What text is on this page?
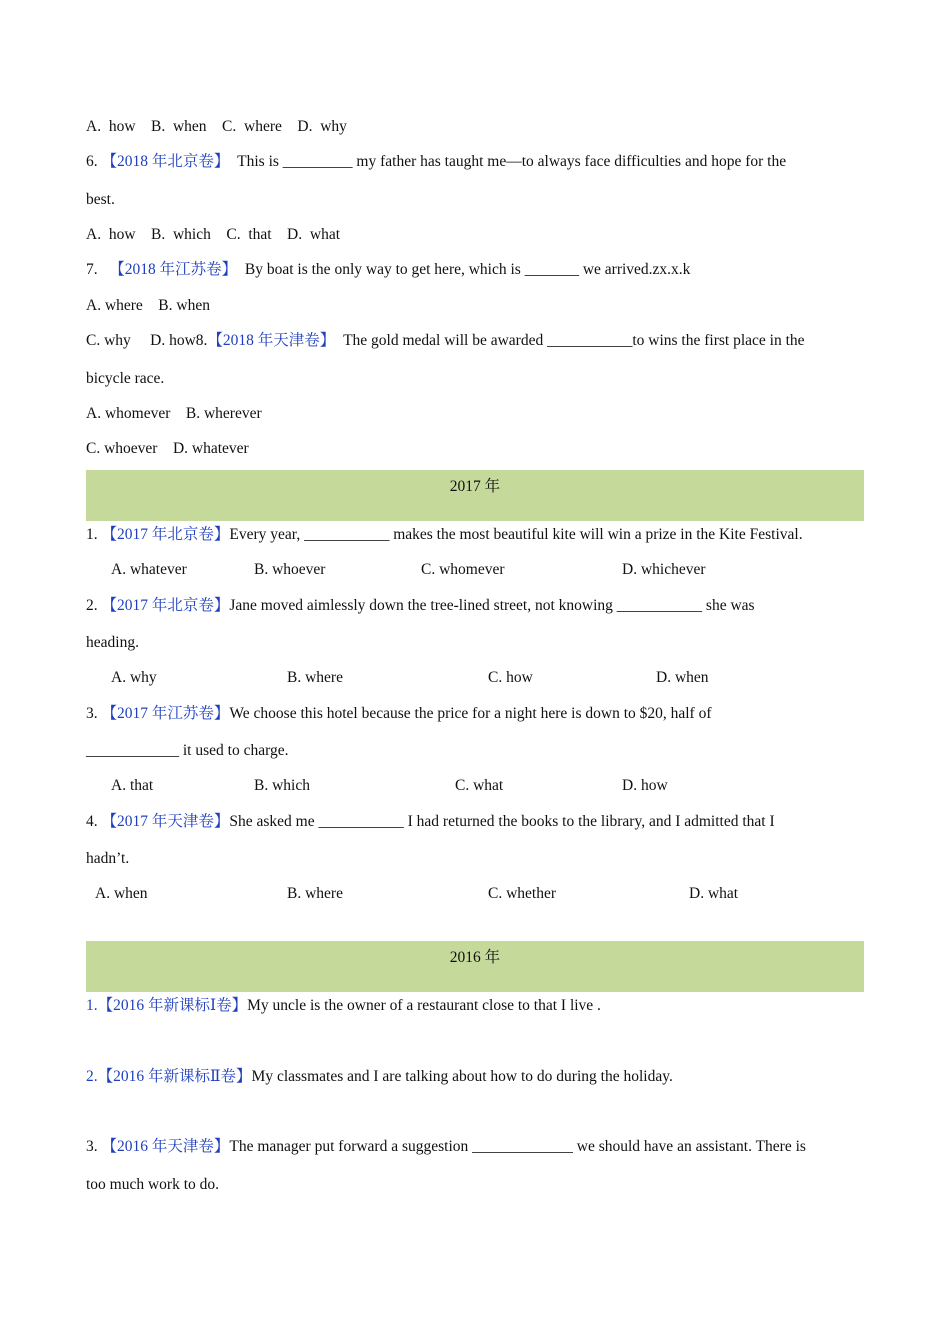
A.  how    B.  when    C.  where    D.  why
6. 【2018 年北京卷】  This is _________ my father has taught me—to always face difficulties and hope for the
best.
A.  how    B.  which    C.  that    D.  what
7.   【2018 年江苏卷】  By boat is the only way to get here, which is _______ we arrived.zx.x.k
A. where    B. when
C. why     D. how8.【2018 年天津卷】  The gold medal will be awarded ___________to wins the first place in the
bicycle race.
A. whomever    B. wherever
C. whoever    D. whatever
2017 年
1. 【2017 年北京卷】Every year, ___________ makes the most beautiful kite will win a prize in the Kite Festival.
A. whatever	B. whoever	C. whomever	D. whichever
2. 【2017 年北京卷】Jane moved aimlessly down the tree-lined street, not knowing ___________ she was
heading.
A. why	B. where	C. how	D. when
3. 【2017 年江苏卷】We choose this hotel because the price for a night here is down to $20, half of
____________ it used to charge.
A. that	B. which	C. what	D. how
4. 【2017 年天津卷】She asked me ___________ I had returned the books to the library, and I admitted that I
hadn’t.
A. when	B. where	C. whether	D. what
2016 年
1.【2016 年新课标Ⅰ卷】My uncle is the owner of a restaurant close to that I live .
2.【2016 年新课标Ⅱ卷】My classmates and I are talking about how to do during the holiday.
3. 【2016 年天津卷】The manager put forward a suggestion _____________ we should have an assistant. There is
too much work to do.
